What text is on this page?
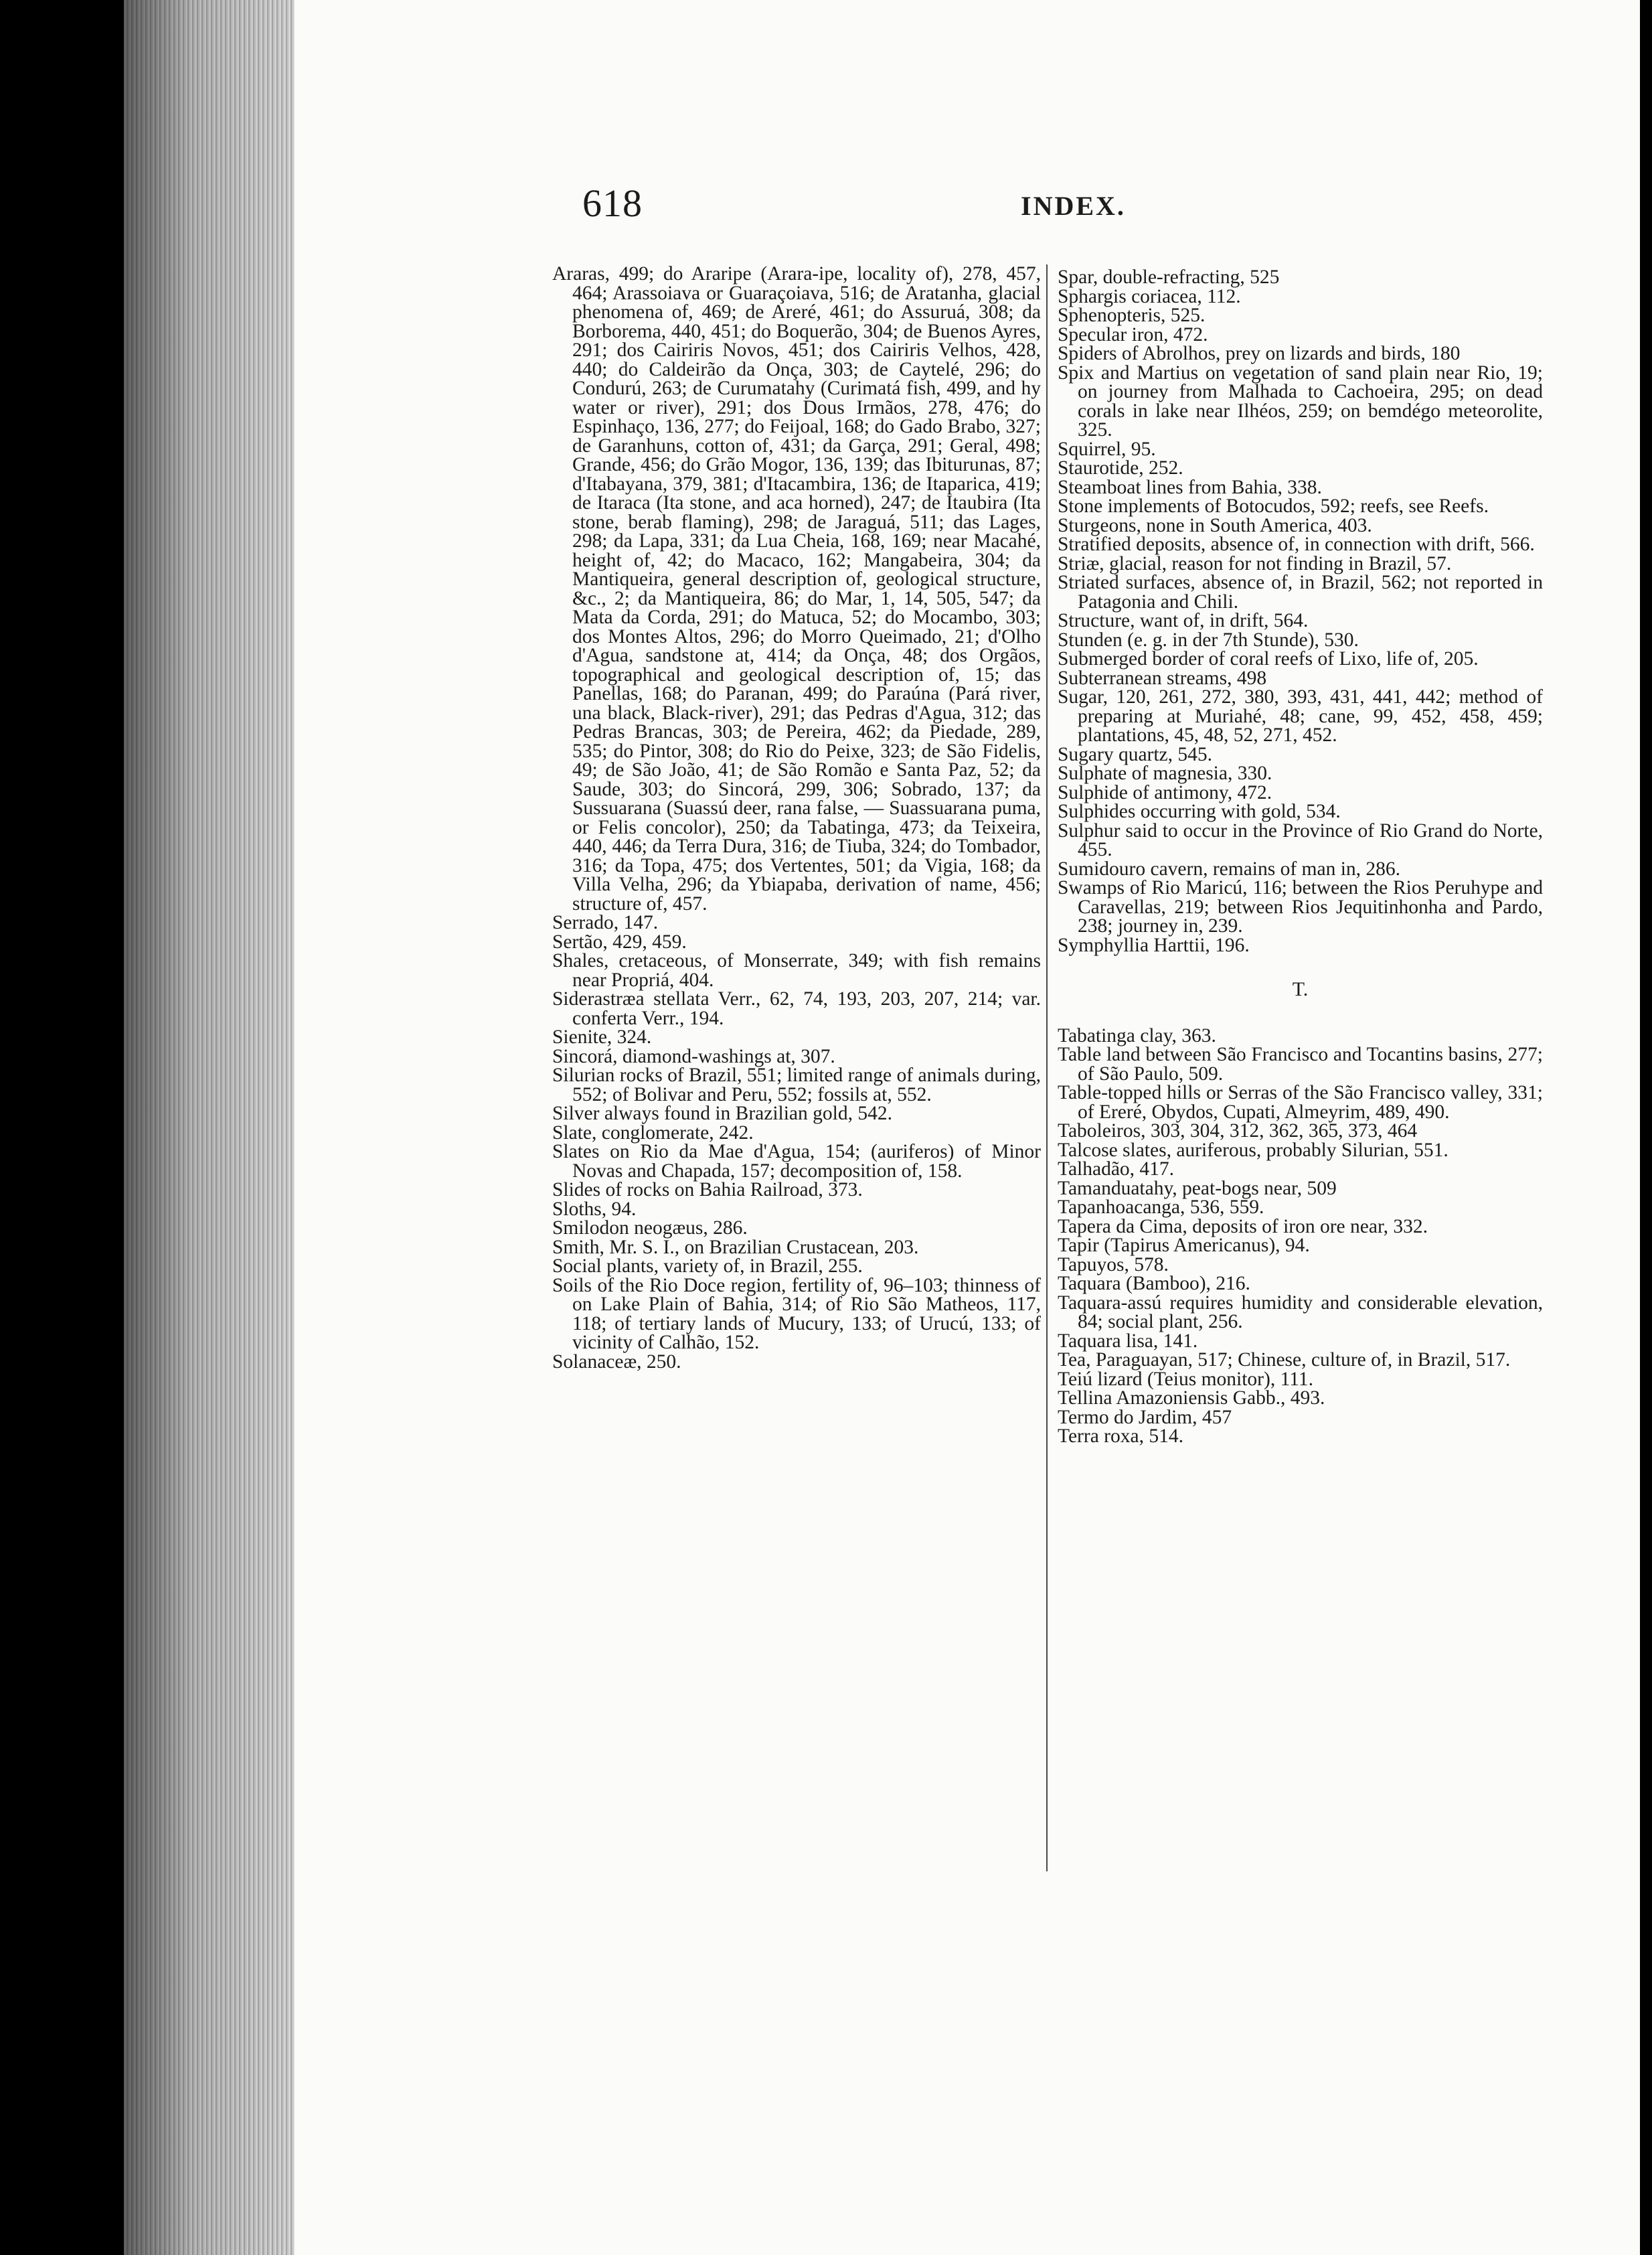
618	INDEX.

Araras, 499; do Araripe (Arara-ipe, locality of), 278, 457, 464; Arassoiava or Guaraçoiava, 516; de Aratanha, glacial phenomena of, 469; de Areré, 461; do Assuruá, 308; da Borborema, 440, 451; do Boquerão, 304; de Buenos Ayres, 291; dos Cairiris Novos, 451; dos Cairiris Velhos, 428, 440; do Caldeirão da Onça, 303; de Caytelé, 296; do Condurú, 263; de Curumatahy (Curimatá fish, 499, and hy water or river), 291; dos Dous Irmãos, 278, 476; do Espinhaço, 136, 277; do Feijoal, 168; do Gado Brabo, 327; de Garanhuns, cotton of, 431; da Garça, 291; Geral, 498; Grande, 456; do Grão Mogor, 136, 139; das Ibiturunas, 87; d'Itabayana, 379, 381; d'Itacambira, 136; de Itaparica, 419; de Itaraca (Ita stone, and aca horned), 247; de Itaubira (Ita stone, berab flaming), 298; de Jaraguá, 511; das Lages, 298; da Lapa, 331; da Lua Cheia, 168, 169; near Macahé, height of, 42; do Macaco, 162; Mangabeira, 304; da Mantiqueira, general description of, geological structure, &c., 2; da Mantiqueira, 86; do Mar, 1, 14, 505, 547; da Mata da Corda, 291; do Matuca, 52; do Mocambo, 303; dos Montes Altos, 296; do Morro Queimado, 21; d'Olho d'Agua, sandstone at, 414; da Onça, 48; dos Orgãos, topographical and geological description of, 15; das Panellas, 168; do Paranan, 499; do Paraúna (Pará river, una black, Black-river), 291; das Pedras d'Agua, 312; das Pedras Brancas, 303; de Pereira, 462; da Piedade, 289, 535; do Pintor, 308; do Rio do Peixe, 323; de São Fidelis, 49; de São João, 41; de São Romão e Santa Paz, 52; da Saude, 303; do Sincorá, 299, 306; Sobrado, 137; da Sussuarana (Suassú deer, rana false, — Suassuarana puma, or Felis concolor), 250; da Tabatinga, 473; da Teixeira, 440, 446; da Terra Dura, 316; de Tiuba, 324; do Tombador, 316; da Topa, 475; dos Vertentes, 501; da Vigia, 168; da Villa Velha, 296; da Ybiapaba, derivation of name, 456; structure of, 457.

Serrado, 147.

Sertão, 429, 459.

Shales, cretaceous, of Monserrate, 349; with fish remains near Propriá, 404.

Siderastræa stellata Verr., 62, 74, 193, 203, 207, 214; var. conferta Verr., 194.

Sienite, 324.

Sincorá, diamond-washings at, 307.

Silurian rocks of Brazil, 551; limited range of animals during, 552; of Bolivar and Peru, 552; fossils at, 552.

Silver always found in Brazilian gold, 542.

Slate, conglomerate, 242.

Slates on Rio da Mae d'Agua, 154; (auriferos) of Minor Novas and Chapada, 157; decomposition of, 158.

Slides of rocks on Bahia Railroad, 373.

Sloths, 94.

Smilodon neogæus, 286.

Smith, Mr. S. I., on Brazilian Crustacean, 203.

Social plants, variety of, in Brazil, 255.

Soils of the Rio Doce region, fertility of, 96–103; thinness of on Lake Plain of Bahia, 314; of Rio São Matheos, 117, 118; of tertiary lands of Mucury, 133; of Urucú, 133; of vicinity of Calhão, 152.

Solanaceæ, 250.

Spar, double-refracting, 525

Sphargis coriacea, 112.

Sphenopteris, 525.

Specular iron, 472.

Spiders of Abrolhos, prey on lizards and birds, 180

Spix and Martius on vegetation of sand plain near Rio, 19; on journey from Malhada to Cachoeira, 295; on dead corals in lake near Ilhéos, 259; on bemdégo meteorolite, 325.

Squirrel, 95.

Staurotide, 252.

Steamboat lines from Bahia, 338.

Stone implements of Botocudos, 592; reefs, see Reefs.

Sturgeons, none in South America, 403.

Stratified deposits, absence of, in connection with drift, 566.

Striæ, glacial, reason for not finding in Brazil, 57.

Striated surfaces, absence of, in Brazil, 562; not reported in Patagonia and Chili.

Structure, want of, in drift, 564.

Stunden (e. g. in der 7th Stunde), 530.

Submerged border of coral reefs of Lixo, life of, 205.

Subterranean streams, 498

Sugar, 120, 261, 272, 380, 393, 431, 441, 442; method of preparing at Muriahé, 48; cane, 99, 452, 458, 459; plantations, 45, 48, 52, 271, 452.

Sugary quartz, 545.

Sulphate of magnesia, 330.

Sulphide of antimony, 472.

Sulphides occurring with gold, 534.

Sulphur said to occur in the Province of Rio Grand do Norte, 455.

Sumidouro cavern, remains of man in, 286.

Swamps of Rio Maricú, 116; between the Rios Peruhype and Caravellas, 219; between Rios Jequitinhonha and Pardo, 238; journey in, 239.

Symphyllia Harttii, 196.

T.

Tabatinga clay, 363.

Table land between São Francisco and Tocantins basins, 277; of São Paulo, 509.

Table-topped hills or Serras of the São Francisco valley, 331; of Ereré, Obydos, Cupati, Almeyrim, 489, 490.

Taboleiros, 303, 304, 312, 362, 365, 373, 464

Talcose slates, auriferous, probably Silurian, 551.

Talhadão, 417.

Tamanduatahy, peat-bogs near, 509

Tapanhoacanga, 536, 559.

Tapera da Cima, deposits of iron ore near, 332.

Tapir (Tapirus Americanus), 94.

Tapuyos, 578.

Taquara (Bamboo), 216.

Taquara-assú requires humidity and considerable elevation, 84; social plant, 256.

Taquara lisa, 141.

Tea, Paraguayan, 517; Chinese, culture of, in Brazil, 517.

Teiú lizard (Teius monitor), 111.

Tellina Amazoniensis Gabb., 493.

Termo do Jardim, 457

Terra roxa, 514.
